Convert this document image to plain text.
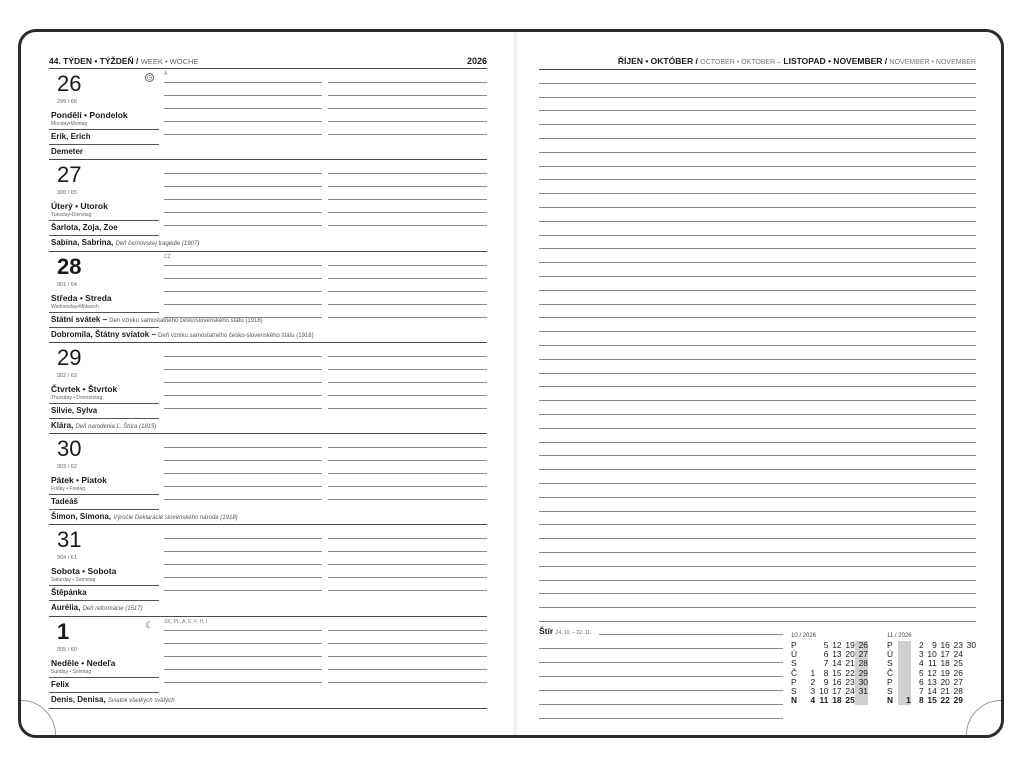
44. TÝDEN • TÝŽDEŇ / WEEK • WOCHE	2026
26
299 / 66
Pondělí • Pondelok
Monday•Montag
◷
A
Erik, Erich
Demeter
27
300 / 65
Úterý • Utorok
Tuesday•Dienstag
Šarlota, Zoja, Zoe
Sabína, Sabrina, Deň černovskej tragédie (1907)
28
301 / 64
Středa • Streda
Wednesday•Mittwoch
CZ
Státní svátek – Den vzniku samostatného československého státu (1918)
Dobromila, Štátny sviatok – Deň vzniku samostatného česko-slovenského štátu (1918)
29
302 / 63
Čtvrtek • Štvrtok
Thursday • Donnerstag
Silvie, Sylva
Klára, Deň narodenia Ľ. Štúra (1815)
30
303 / 62
Pátek • Piatok
Friday • Freitag
Tadeáš
Šimon, Simona, Výročie Deklarácie slovenského národa (1918)
31
304 / 61
Sobota • Sobota
Saturday • Samstag
Štěpánka
Aurélia, Deň reformácie (1517)
1
305 / 60
Neděle • Nedeľa
Sunday • Sonntag
☾ SK, PL, A, E, F, H, I
Felix
Denis, Denisa, Sviatok všetkých svätých
ŘÍJEN • OKTÓBER / OCTOBER • OKTOBER – LISTOPAD • NOVEMBER / NOVEMBER • NOVEMBER
Štír 24. 10. – 22. 11.	10 / 2026
P		5	12	19	26
Ú		6	13	20	27
S		7	14	21	28
Č	1	8	15	22	29
P	2	9	16	23	30
S	3	10	17	24	31
N	4	11	18	25	
11 / 2026
P		2	9	16	23	30
Ú		3	10	17	24	
S		4	11	18	25	
Č		5	12	19	26	
P		6	13	20	27	
S		7	14	21	28	
N	1	8	15	22	29	
